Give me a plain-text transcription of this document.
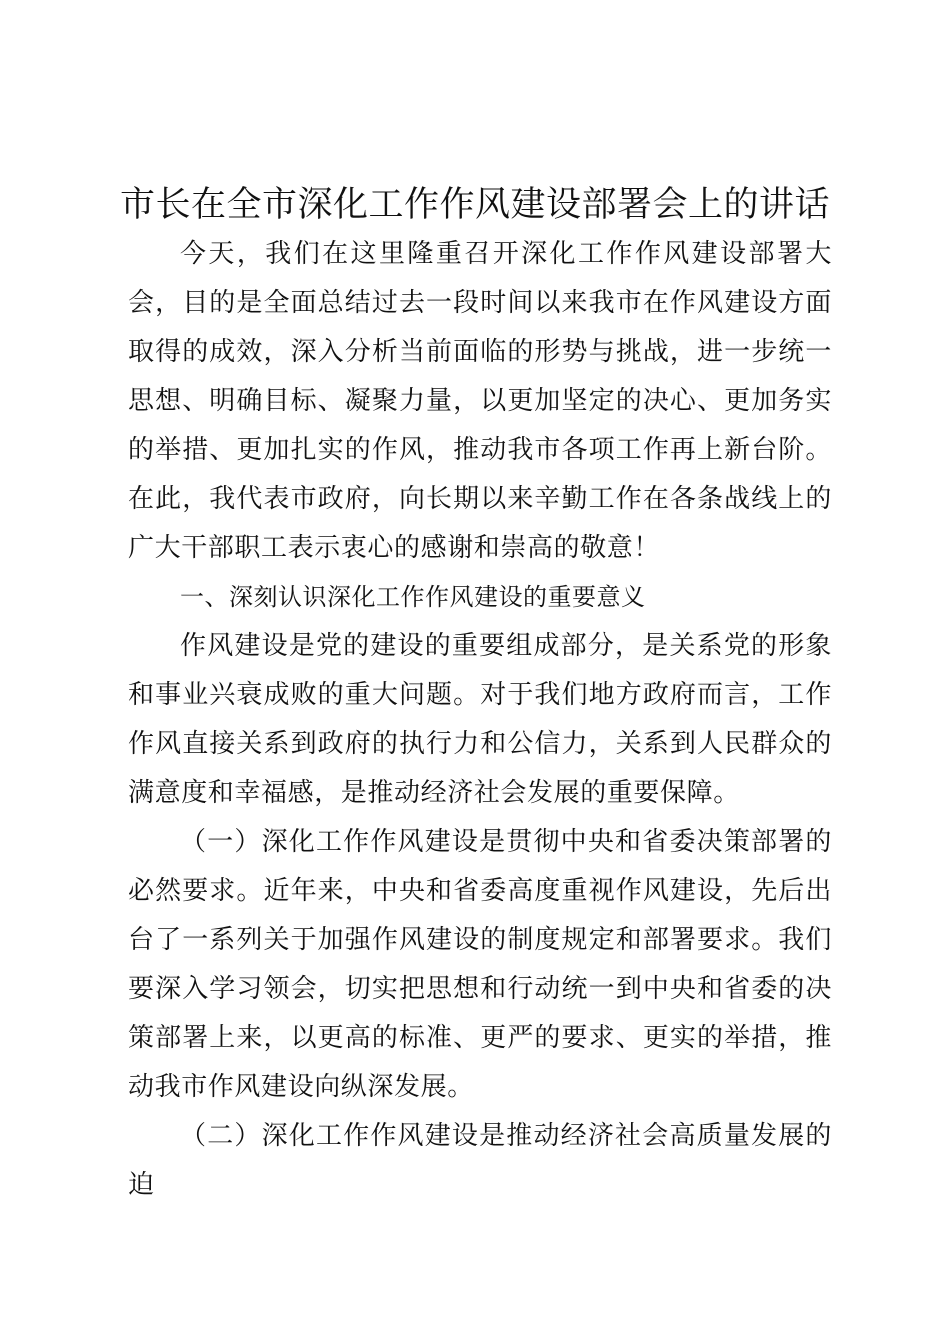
市长在全市深化工作作风建设部署会上的讲话

今天，我们在这里隆重召开深化工作作风建设部署大会，目的是全面总结过去一段时间以来我市在作风建设方面取得的成效，深入分析当前面临的形势与挑战，进一步统一思想、明确目标、凝聚力量，以更加坚定的决心、更加务实的举措、更加扎实的作风，推动我市各项工作再上新台阶。在此，我代表市政府，向长期以来辛勤工作在各条战线上的广大干部职工表示衷心的感谢和崇高的敬意！

一、深刻认识深化工作作风建设的重要意义

作风建设是党的建设的重要组成部分，是关系党的形象和事业兴衰成败的重大问题。对于我们地方政府而言，工作作风直接关系到政府的执行力和公信力，关系到人民群众的满意度和幸福感，是推动经济社会发展的重要保障。

（一）深化工作作风建设是贯彻中央和省委决策部署的必然要求。近年来，中央和省委高度重视作风建设，先后出台了一系列关于加强作风建设的制度规定和部署要求。我们要深入学习领会，切实把思想和行动统一到中央和省委的决策部署上来，以更高的标准、更严的要求、更实的举措，推动我市作风建设向纵深发展。

（二）深化工作作风建设是推动经济社会高质量发展的迫
